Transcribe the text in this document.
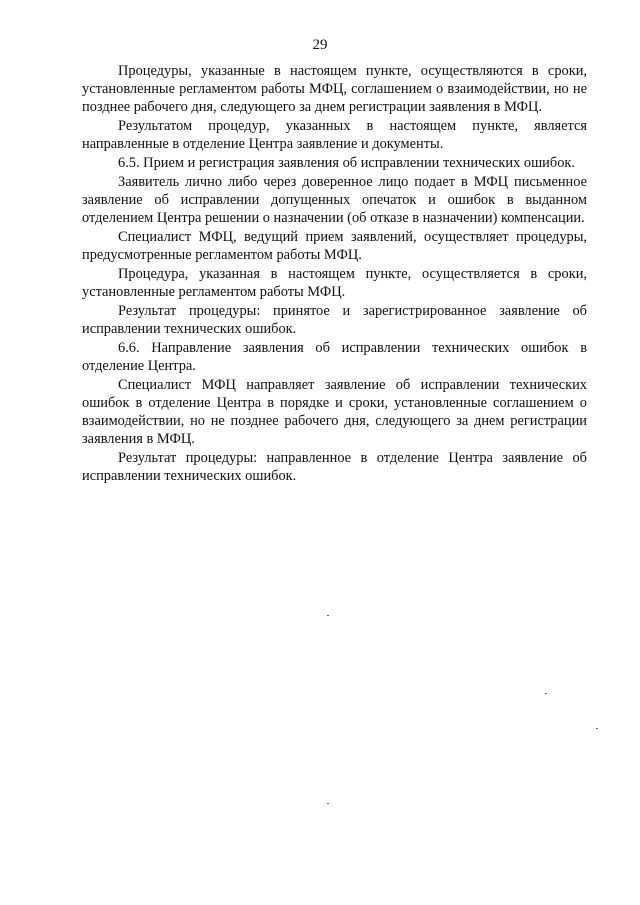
29

Процедуры, указанные в настоящем пункте, осуществляются в сроки, установленные регламентом работы МФЦ, соглашением о взаимодействии, но не позднее рабочего дня, следующего за днем регистрации заявления в МФЦ.

Результатом процедур, указанных в настоящем пункте, является направленные в отделение Центра заявление и документы.

6.5. Прием и регистрация заявления об исправлении технических ошибок.

Заявитель лично либо через доверенное лицо подает в МФЦ письменное заявление об исправлении допущенных опечаток и ошибок в выданном отделением Центра решении о назначении (об отказе в назначении) компенсации.

Специалист МФЦ, ведущий прием заявлений, осуществляет процедуры, предусмотренные регламентом работы МФЦ.

Процедура, указанная в настоящем пункте, осуществляется в сроки, установленные регламентом работы МФЦ.

Результат процедуры: принятое и зарегистрированное заявление об исправлении технических ошибок.

6.6. Направление заявления об исправлении технических ошибок в отделение Центра.

Специалист МФЦ направляет заявление об исправлении технических ошибок в отделение Центра в порядке и сроки, установленные соглашением о взаимодействии, но не позднее рабочего дня, следующего за днем регистрации заявления в МФЦ.

Результат процедуры: направленное в отделение Центра заявление об исправлении технических ошибок.
